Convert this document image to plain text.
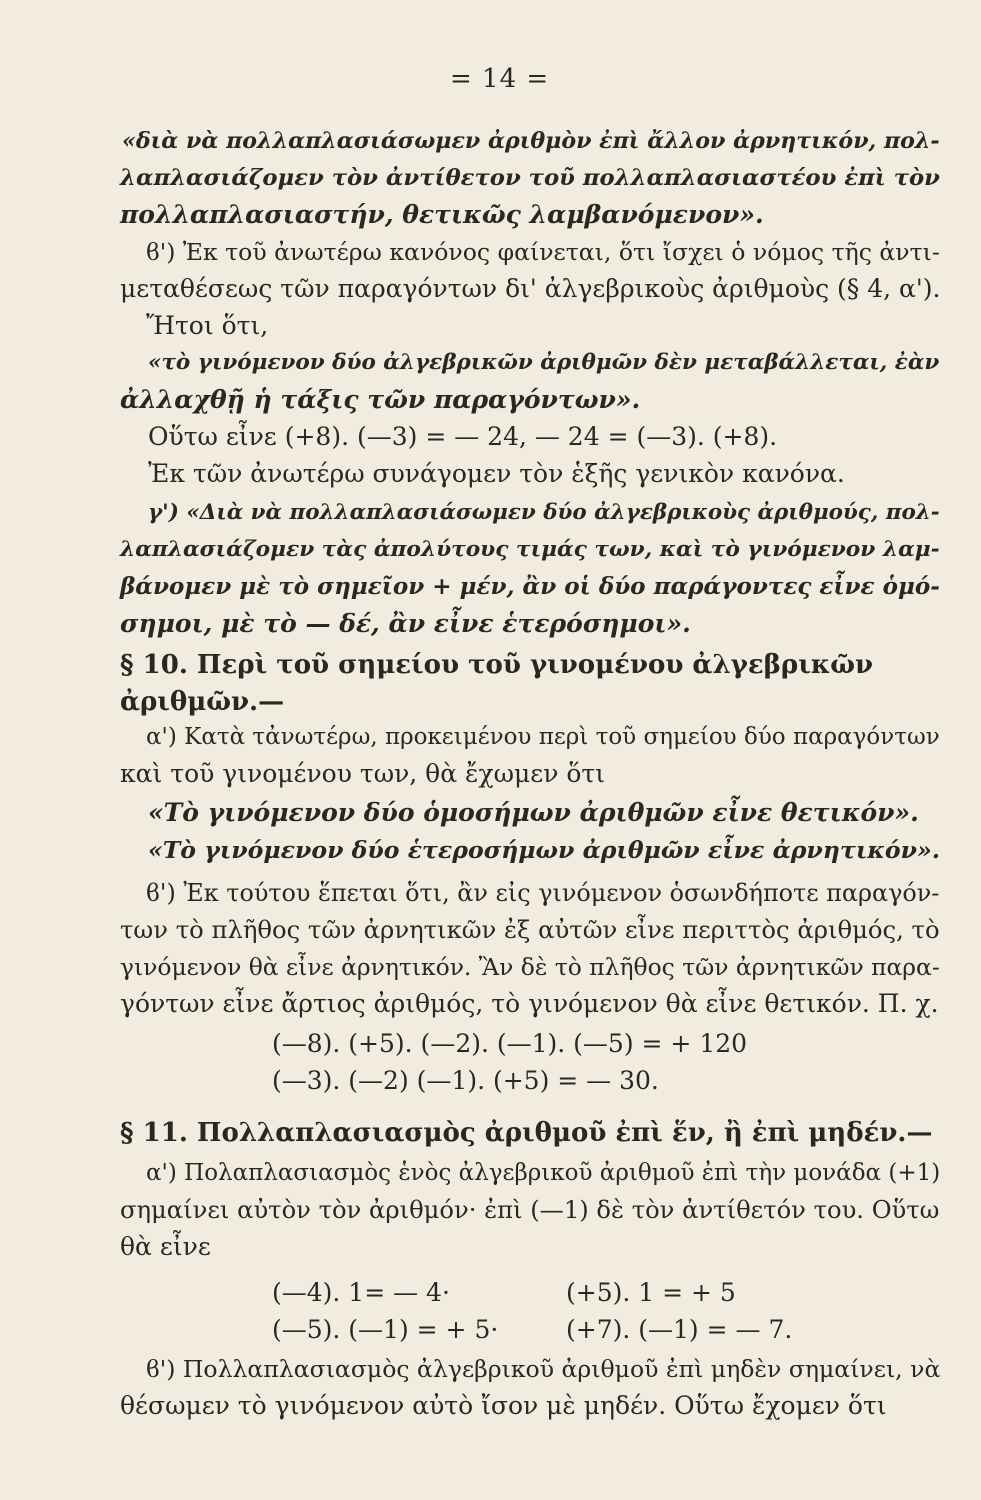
= 14 =
«διὰ νὰ πολλαπλασιάσωμεν ἀριθμὸν ἐπὶ ἄλλον ἀρνητικόν, πολ-
λαπλασιάζομεν τὸν ἀντίθετον τοῦ πολλαπλασιαστέου ἐπὶ τὸν
πολλαπλασιαστήν, θετικῶς λαμβανόμενον».
ϐ') Ἐκ τοῦ ἀνωτέρω κανόνος φαίνεται, ὅτι ἴσχει ὁ νόμος τῆς ἀντι-
μεταθέσεως τῶν παραγόντων δι' ἀλγεβρικοὺς ἀριθμοὺς (§ 4, α').
Ἤτοι ὅτι,
«τὸ γινόμενον δύο ἀλγεβρικῶν ἀριθμῶν δὲν μεταβάλλεται, ἐὰν
ἀλλαχθῇ ἡ τάξις τῶν παραγόντων».
Οὕτω εἶνε (+8). (—3) = — 24, — 24 = (—3). (+8).
Ἐκ τῶν ἀνωτέρω συνάγομεν τὸν ἑξῆς γενικὸν κανόνα.
γ') «Διὰ νὰ πολλαπλασιάσωμεν δύο ἀλγεβρικοὺς ἀριθμούς, πολ-
λαπλασιάζομεν τὰς ἀπολύτους τιμάς των, καὶ τὸ γινόμενον λαμ-
βάνομεν μὲ τὸ σημεῖον + μέν, ἂν οἱ δύο παράγοντες εἶνε ὁμό-
σημοι, μὲ τὸ — δέ, ἂν εἶνε ἑτερόσημοι».
§ 10. Περὶ τοῦ σημείου τοῦ γινομένου ἀλγεβρικῶν
ἀριθμῶν.—
α') Κατὰ τἀνωτέρω, προκειμένου περὶ τοῦ σημείου δύο παραγόντων
καὶ τοῦ γινομένου των, θὰ ἔχωμεν ὅτι
«Τὸ γινόμενον δύο ὁμοσήμων ἀριθμῶν εἶνε θετικόν».
«Τὸ γινόμενον δύο ἑτεροσήμων ἀριθμῶν εἶνε ἀρνητικόν».
ϐ') Ἐκ τούτου ἕπεται ὅτι, ἂν εἰς γινόμενον ὁσωνδήποτε παραγόν-
των τὸ πλῆθος τῶν ἀρνητικῶν ἐξ αὐτῶν εἶνε περιττὸς ἀριθμός, τὸ
γινόμενον θὰ εἶνε ἀρνητικόν. Ἂν δὲ τὸ πλῆθος τῶν ἀρνητικῶν παρα-
γόντων εἶνε ἄρτιος ἀριθμός, τὸ γινόμενον θὰ εἶνε θετικόν. Π. χ.
(—8). (+5). (—2). (—1). (—5) = + 120
(—3). (—2) (—1). (+5) = — 30.
§ 11. Πολλαπλασιασμὸς ἀριθμοῦ ἐπὶ ἕν, ἢ ἐπὶ μηδέν.—
α') Πολαπλασιασμὸς ἑνὸς ἀλγεβρικοῦ ἀριθμοῦ ἐπὶ τὴν μονάδα (+1)
σημαίνει αὐτὸν τὸν ἀριθμόν· ἐπὶ (—1) δὲ τὸν ἀντίθετόν του. Οὕτω
θὰ εἶνε
(—4). 1= — 4·	(+5). 1 = + 5
(—5). (—1) = + 5·	(+7). (—1) = — 7.
ϐ') Πολλαπλασιασμὸς ἀλγεβρικοῦ ἀριθμοῦ ἐπὶ μηδὲν σημαίνει, νὰ
θέσωμεν τὸ γινόμενον αὐτὸ ἴσον μὲ μηδέν. Οὕτω ἔχομεν ὅτι
